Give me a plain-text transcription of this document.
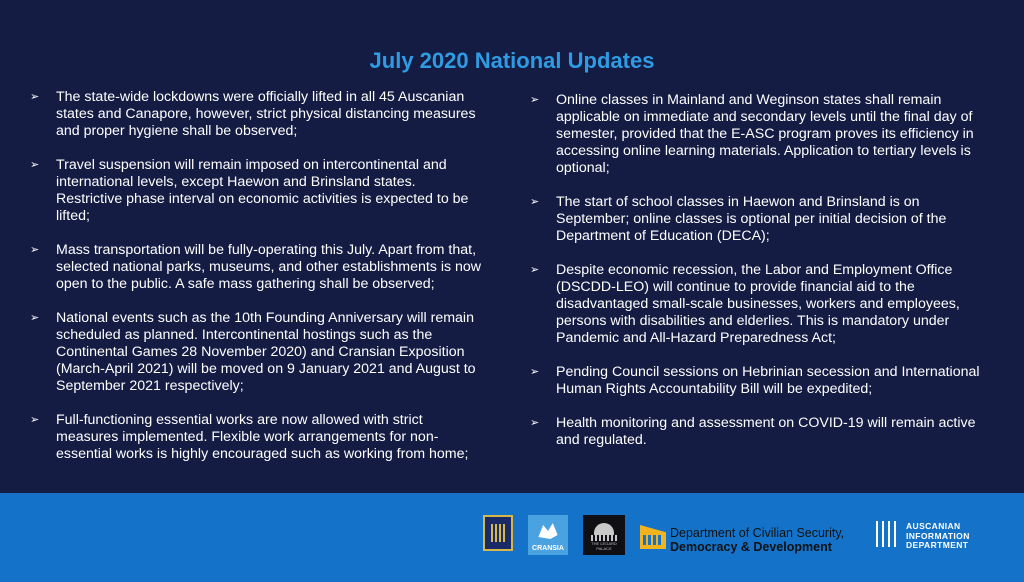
July 2020 National Updates
➢	The state-wide lockdowns were officially lifted in all 45 Auscanian states and Canapore, however, strict physical distancing measures and proper hygiene shall be observed;
➢	Travel suspension will remain imposed on intercontinental and international levels, except Haewon and Brinsland states. Restrictive phase interval on economic activities is expected to be lifted;
➢	Mass transportation will be fully-operating this July. Apart from that, selected national parks, museums, and other establishments is now open to the public. A safe mass gathering shall be observed;
➢	National events such as the 10th Founding Anniversary will remain scheduled as planned. Intercontinental hostings such as the Continental Games 28 November 2020) and Cransian Exposition (March-April 2021) will be moved on 9 January 2021 and August to September 2021 respectively;
➢	Full-functioning essential works are now allowed with strict measures implemented. Flexible work arrangements for non-essential works is highly encouraged such as working from home;
➢	Online classes in Mainland and Weginson states shall remain applicable on immediate and secondary levels until the final day of semester, provided that the E-ASC program proves its efficiency in accessing online learning materials. Application to tertiary levels is optional;
➢	The start of school classes in Haewon and Brinsland is on September; online classes is optional per initial decision of the Department of Education (DECA);
➢	Despite economic recession, the Labor and Employment Office (DSCDD-LEO) will continue to provide financial aid to the disadvantaged small-scale businesses, workers and employees, persons with disabilities and elderlies. This is mandatory under Pandemic and All-Hazard Preparedness Act;
➢	Pending Council sessions on Hebrinian secession and International Human Rights Accountability Bill will be expedited;
➢	Health monitoring and assessment on COVID-19 will remain active and regulated.
CRANSIA
THE LEGARD PALACE
Department of Civilian Security,
Democracy & Development
AUSCANIAN
INFORMATION
DEPARTMENT
